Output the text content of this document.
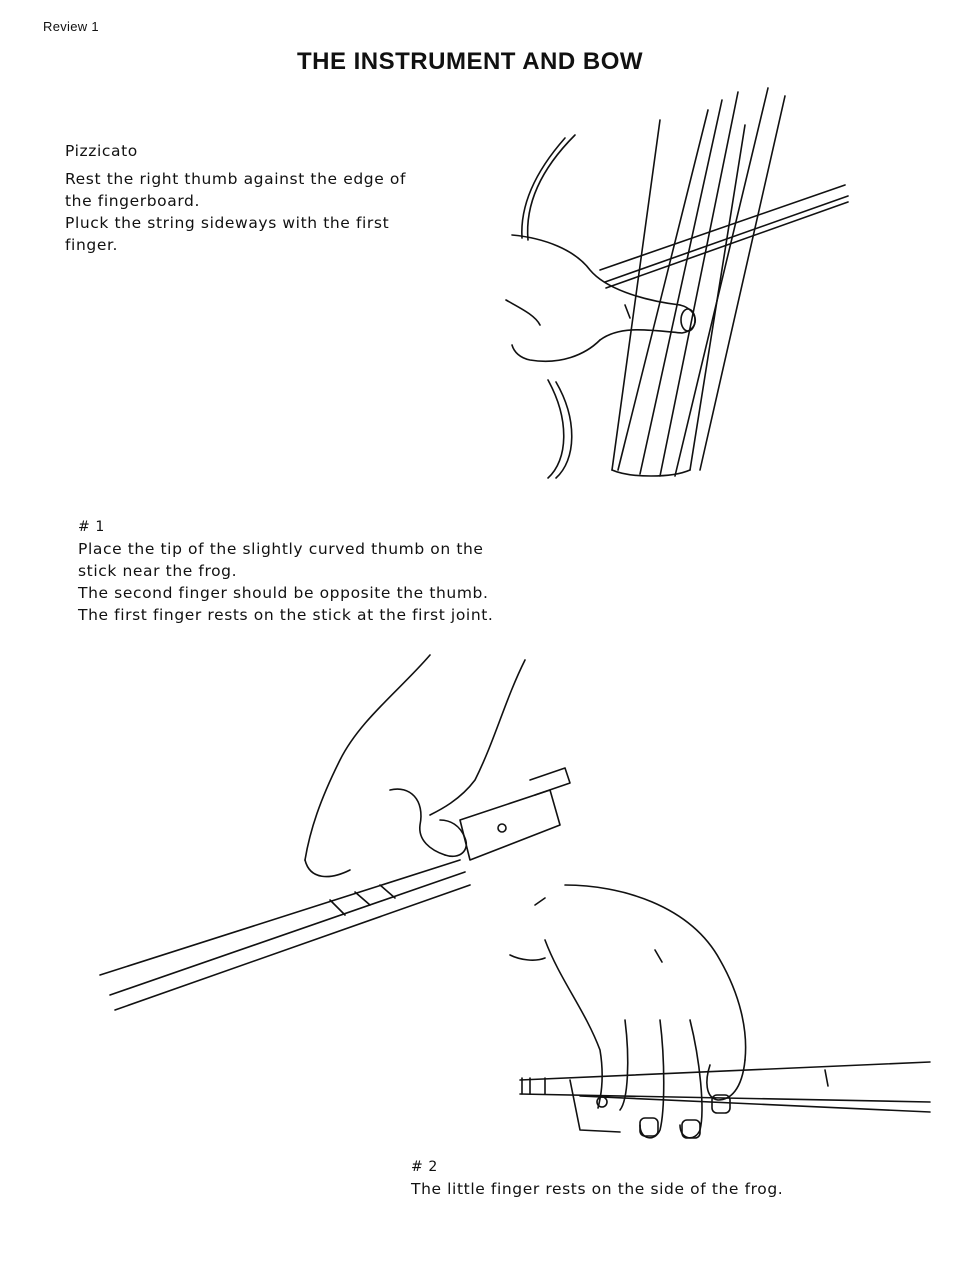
Review 1
THE INSTRUMENT AND BOW

Pizzicato

Rest the right thumb against the edge of

the fingerboard.

Pluck the string sideways with the first

finger.

# 1

Place the tip of the slightly curved thumb on the

stick near the frog.

The second finger should be opposite the thumb.

The first finger rests on the stick at the first joint.

# 2

The little finger rests on the side of the frog.
